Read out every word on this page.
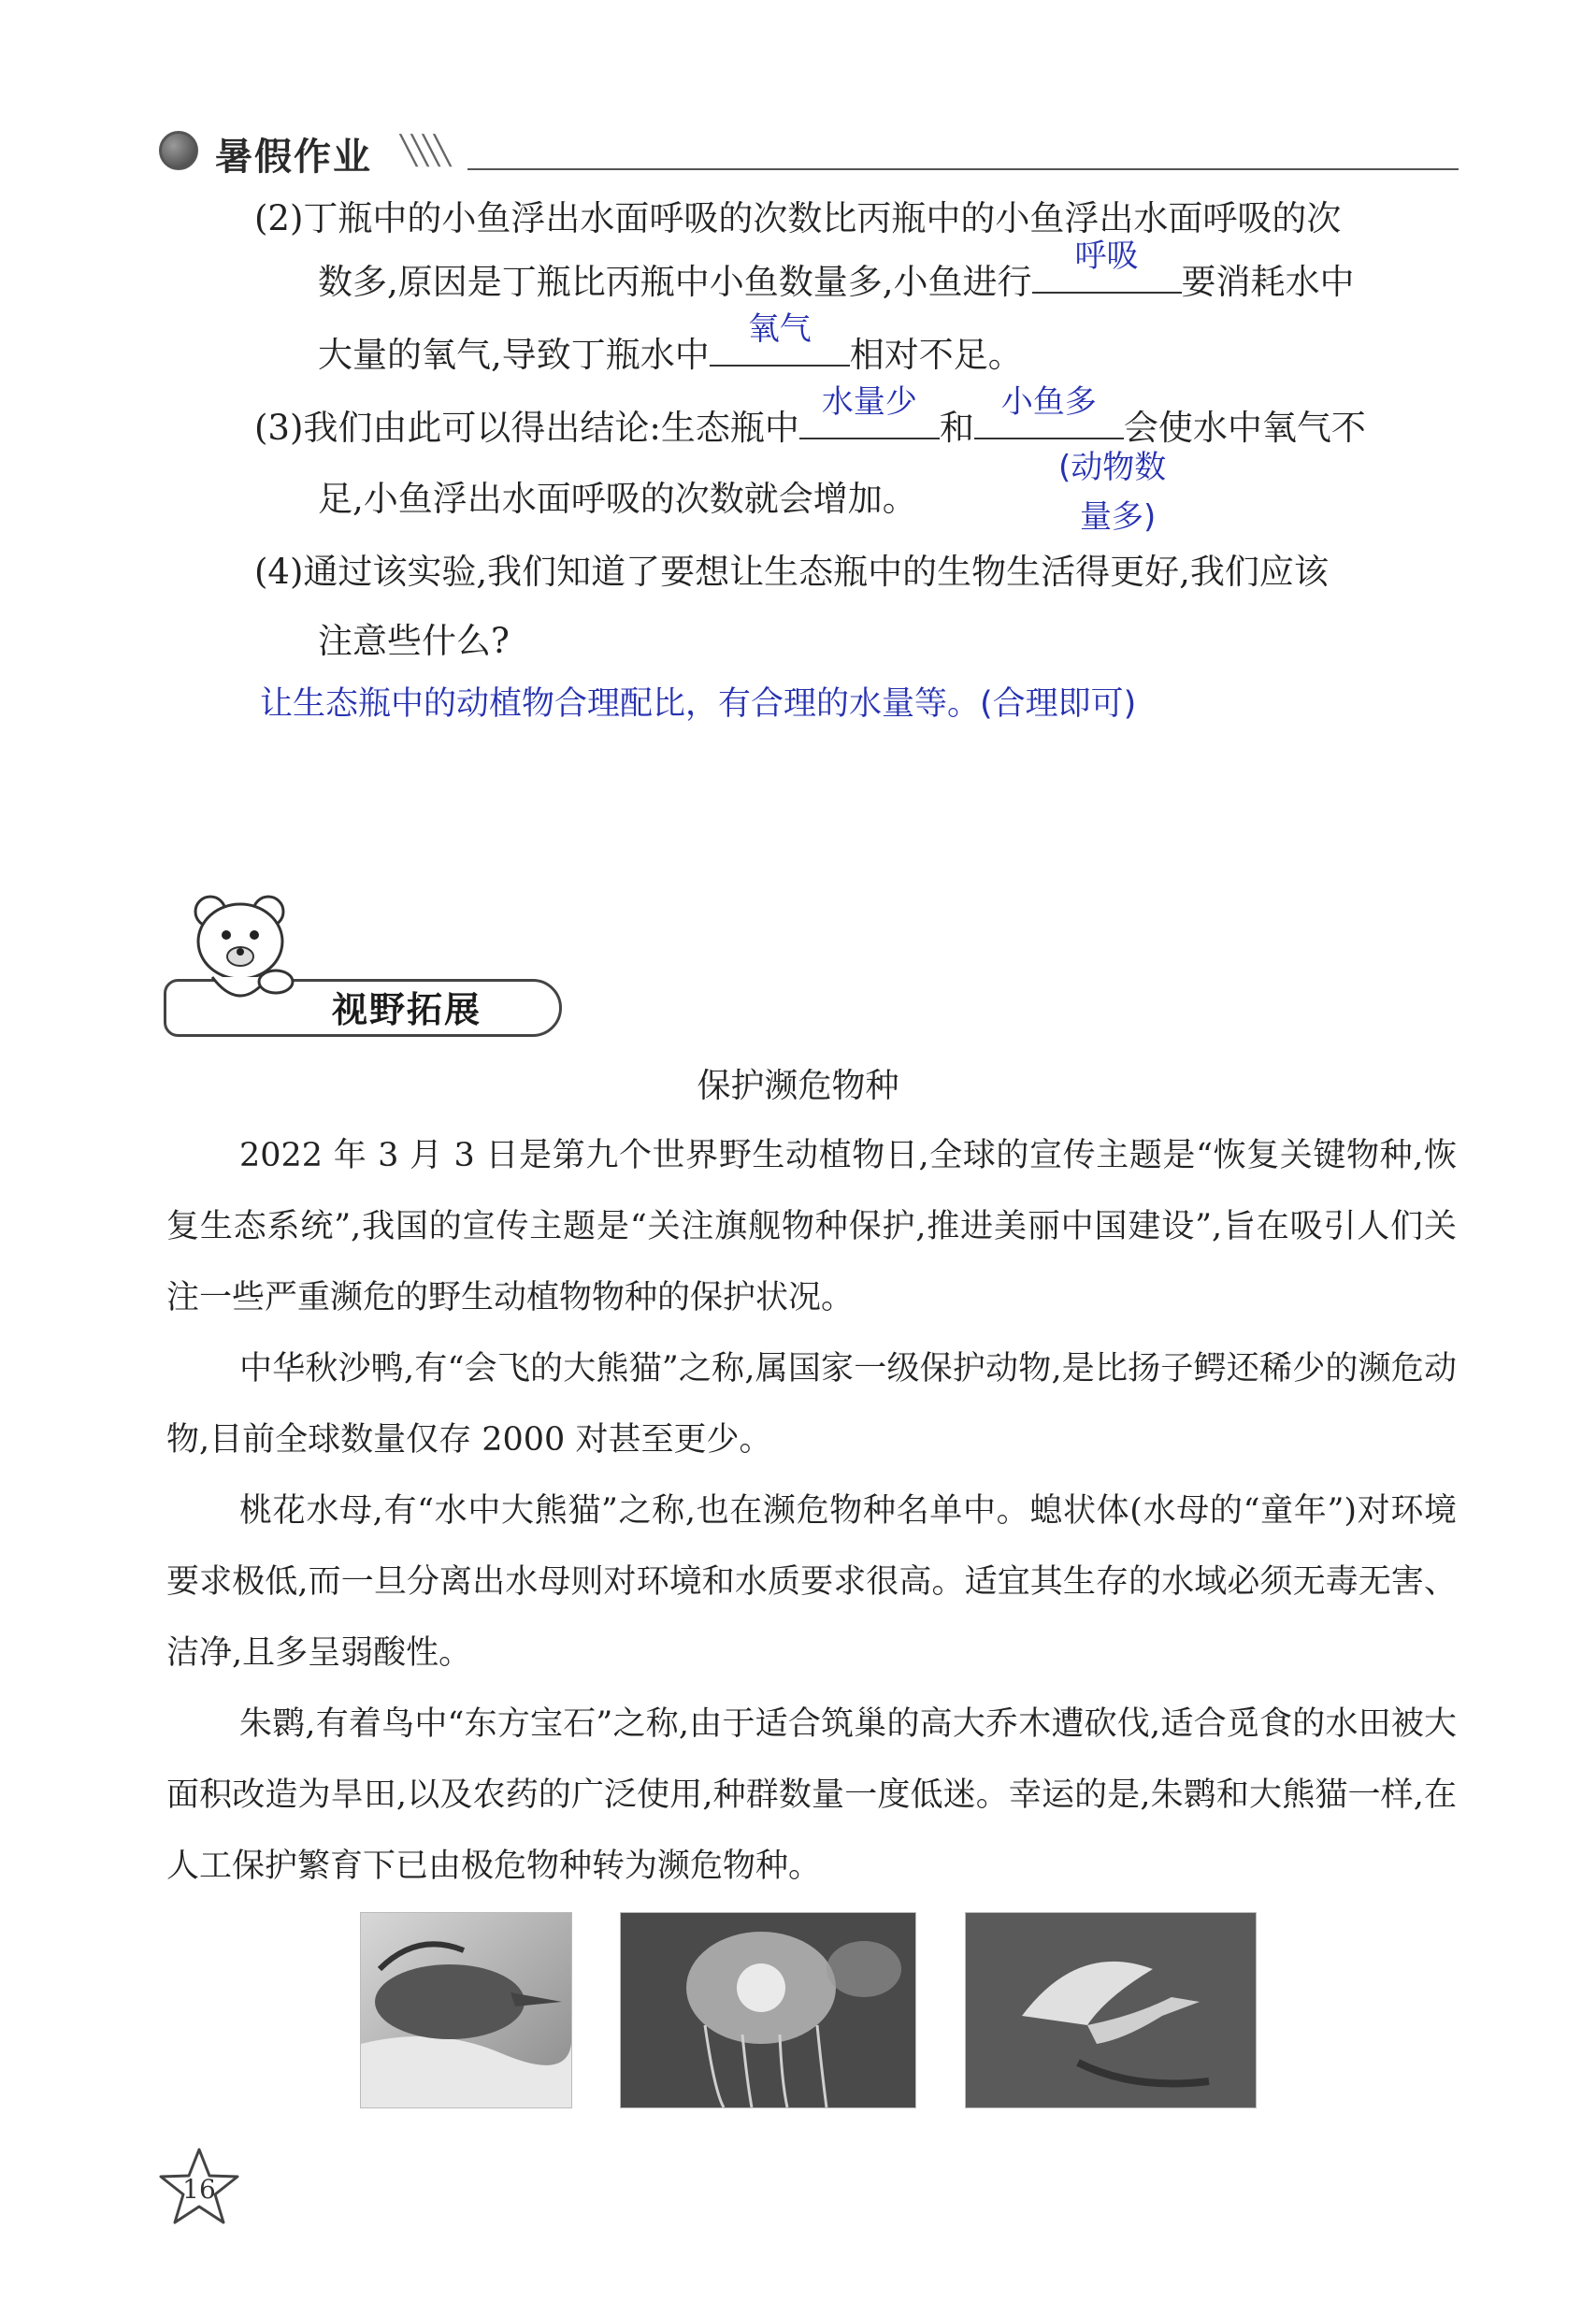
暑假作业 ╲╲╲╲
(2)丁瓶中的小鱼浮出水面呼吸的次数比丙瓶中的小鱼浮出水面呼吸的次
数多,原因是丁瓶比丙瓶中小鱼数量多,小鱼进行
呼吸
要消耗水中
大量的氧气,导致丁瓶水中
氧气
相对不足。
(3)我们由此可以得出结论:生态瓶中
水量少
和
小鱼多
会使水中氧气不
(动物数
量多)
足,小鱼浮出水面呼吸的次数就会增加。
(4)通过该实验,我们知道了要想让生态瓶中的生物生活得更好,我们应该
注意些什么?
让生态瓶中的动植物合理配比，有合理的水量等。(合理即可)
视野拓展
保护濒危物种
2022 年 3 月 3 日是第九个世界野生动植物日,全球的宣传主题是“恢复关键物种,恢复生态系统”,我国的宣传主题是“关注旗舰物种保护,推进美丽中国建设”,旨在吸引人们关注一些严重濒危的野生动植物物种的保护状况。
中华秋沙鸭,有“会飞的大熊猫”之称,属国家一级保护动物,是比扬子鳄还稀少的濒危动物,目前全球数量仅存 2000 对甚至更少。
桃花水母,有“水中大熊猫”之称,也在濒危物种名单中。螅状体(水母的“童年”)对环境要求极低,而一旦分离出水母则对环境和水质要求很高。适宜其生存的水域必须无毒无害、洁净,且多呈弱酸性。
朱鹮,有着鸟中“东方宝石”之称,由于适合筑巢的高大乔木遭砍伐,适合觅食的水田被大面积改造为旱田,以及农药的广泛使用,种群数量一度低迷。幸运的是,朱鹮和大熊猫一样,在人工保护繁育下已由极危物种转为濒危物种。
16
